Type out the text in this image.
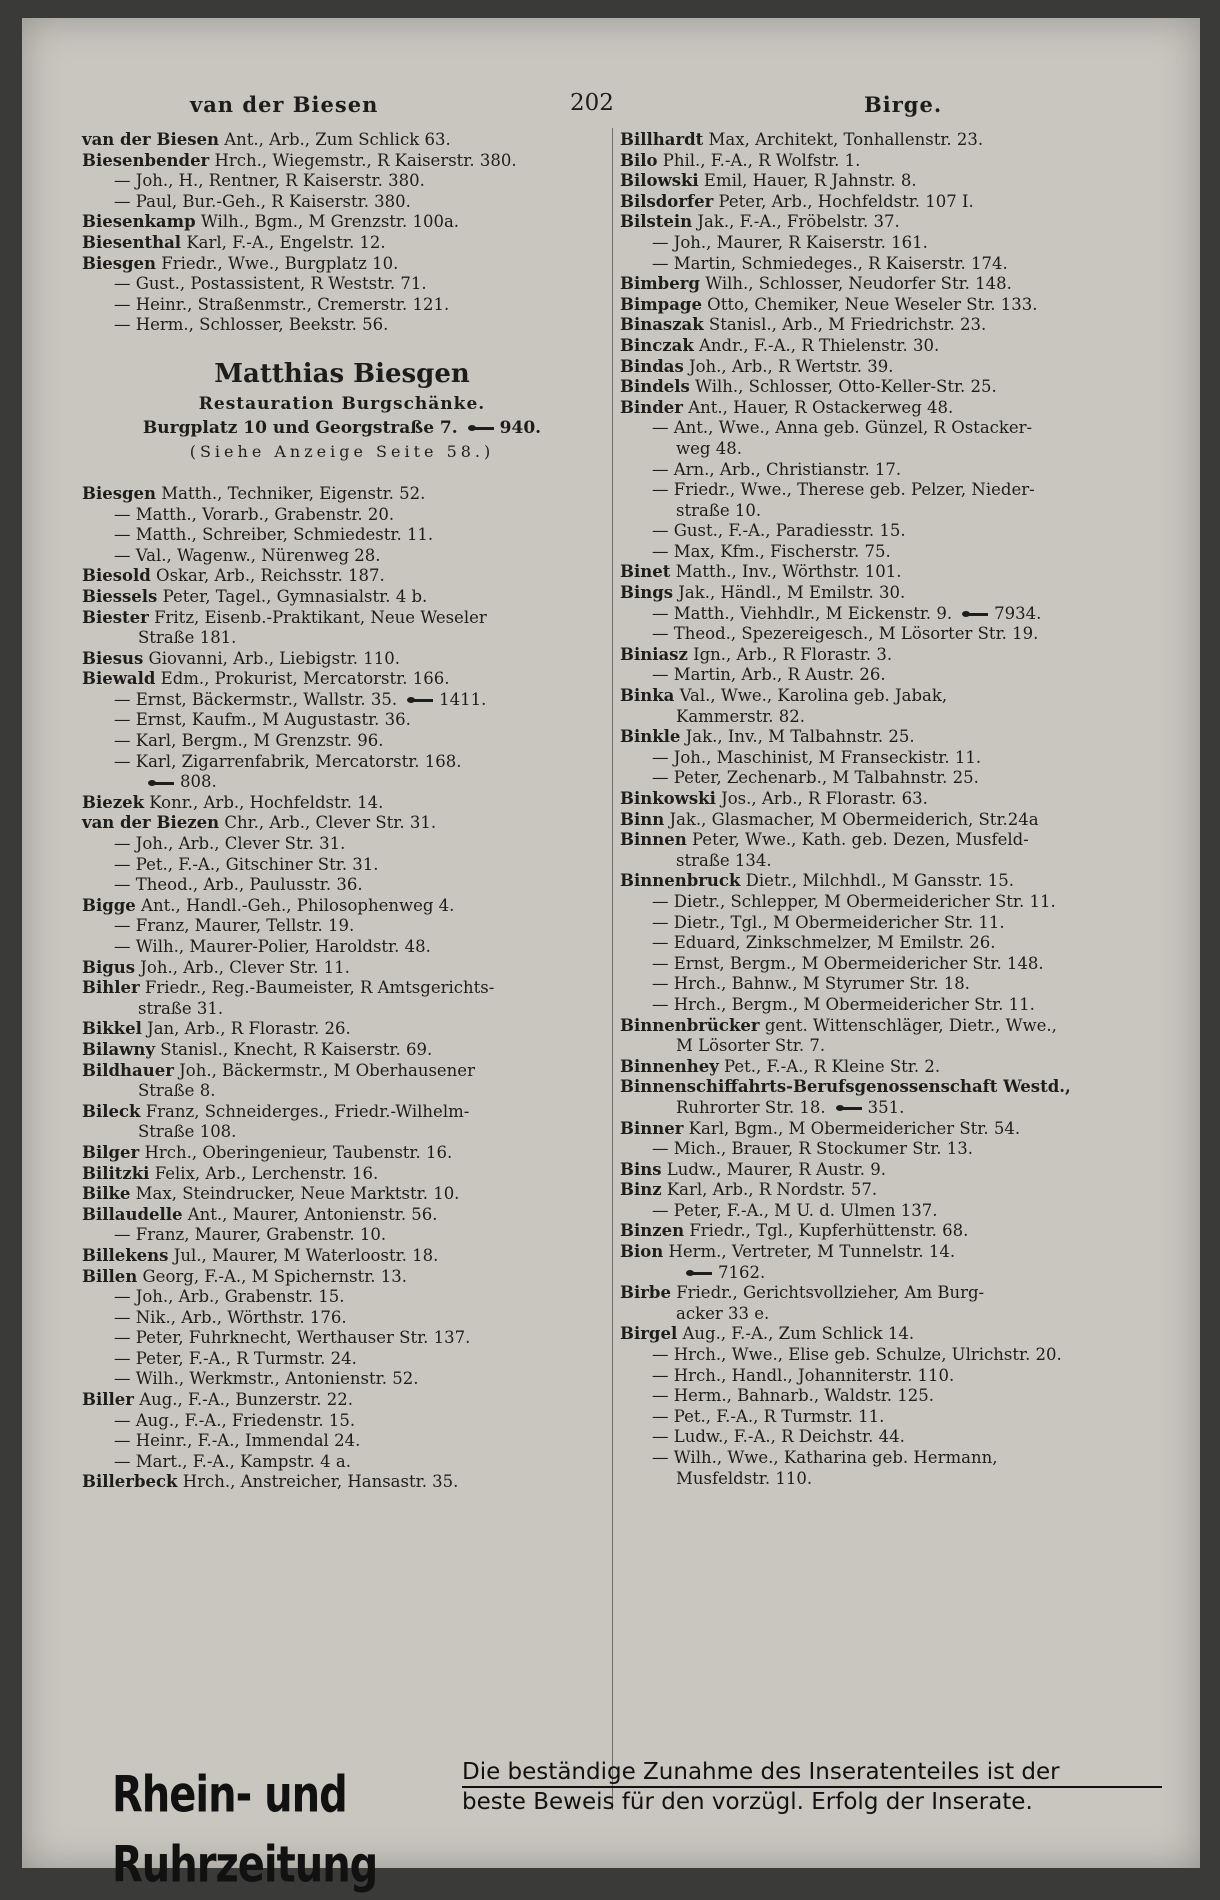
van der Biesen	202	Birge.
van der Biesen Ant., Arb., Zum Schlick 63.
Biesenbender Hrch., Wiegemstr., R Kaiserstr. 380.
— Joh., H., Rentner, R Kaiserstr. 380.
— Paul, Bur.-Geh., R Kaiserstr. 380.
Biesenkamp Wilh., Bgm., M Grenzstr. 100a.
Biesenthal Karl, F.-A., Engelstr. 12.
Biesgen Friedr., Wwe., Burgplatz 10.
— Gust., Postassistent, R Weststr. 71.
— Heinr., Straßenmstr., Cremerstr. 121.
— Herm., Schlosser, Beekstr. 56.
Matthias Biesgen
Restauration Burgschänke.
Burgplatz 10 und Georgstraße 7. 940.
(Siehe Anzeige Seite 58.)
Biesgen Matth., Techniker, Eigenstr. 52.
— Matth., Vorarb., Grabenstr. 20.
— Matth., Schreiber, Schmiedestr. 11.
— Val., Wagenw., Nürenweg 28.
Biesold Oskar, Arb., Reichsstr. 187.
Biessels Peter, Tagel., Gymnasialstr. 4 b.
Biester Fritz, Eisenb.-Praktikant, Neue Weseler
Straße 181.
Biesus Giovanni, Arb., Liebigstr. 110.
Biewald Edm., Prokurist, Mercatorstr. 166.
— Ernst, Bäckermstr., Wallstr. 35.	1411.
— Ernst, Kaufm., M Augustastr. 36.
— Karl, Bergm., M Grenzstr. 96.
— Karl, Zigarrenfabrik, Mercatorstr. 168.
808.
Biezek Konr., Arb., Hochfeldstr. 14.
van der Biezen Chr., Arb., Clever Str. 31.
— Joh., Arb., Clever Str. 31.
— Pet., F.-A., Gitschiner Str. 31.
— Theod., Arb., Paulusstr. 36.
Bigge Ant., Handl.-Geh., Philosophenweg 4.
— Franz, Maurer, Tellstr. 19.
— Wilh., Maurer-Polier, Haroldstr. 48.
Bigus Joh., Arb., Clever Str. 11.
Bihler Friedr., Reg.-Baumeister, R Amtsgerichts-
straße 31.
Bikkel Jan, Arb., R Florastr. 26.
Bilawny Stanisl., Knecht, R Kaiserstr. 69.
Bildhauer Joh., Bäckermstr., M Oberhausener
Straße 8.
Bileck Franz, Schneiderges., Friedr.-Wilhelm-
Straße 108.
Bilger Hrch., Oberingenieur, Taubenstr. 16.
Bilitzki Felix, Arb., Lerchenstr. 16.
Bilke Max, Steindrucker, Neue Marktstr. 10.
Billaudelle Ant., Maurer, Antonienstr. 56.
— Franz, Maurer, Grabenstr. 10.
Billekens Jul., Maurer, M Waterloostr. 18.
Billen Georg, F.-A., M Spichernstr. 13.
— Joh., Arb., Grabenstr. 15.
— Nik., Arb., Wörthstr. 176.
— Peter, Fuhrknecht, Werthauser Str. 137.
— Peter, F.-A., R Turmstr. 24.
— Wilh., Werkmstr., Antonienstr. 52.
Biller Aug., F.-A., Bunzerstr. 22.
— Aug., F.-A., Friedenstr. 15.
— Heinr., F.-A., Immendal 24.
— Mart., F.-A., Kampstr. 4 a.
Billerbeck Hrch., Anstreicher, Hansastr. 35.
Billhardt Max, Architekt, Tonhallenstr. 23.
Bilo Phil., F.-A., R Wolfstr. 1.
Bilowski Emil, Hauer, R Jahnstr. 8.
Bilsdorfer Peter, Arb., Hochfeldstr. 107 I.
Bilstein Jak., F.-A., Fröbelstr. 37.
— Joh., Maurer, R Kaiserstr. 161.
— Martin, Schmiedeges., R Kaiserstr. 174.
Bimberg Wilh., Schlosser, Neudorfer Str. 148.
Bimpage Otto, Chemiker, Neue Weseler Str. 133.
Binaszak Stanisl., Arb., M Friedrichstr. 23.
Binczak Andr., F.-A., R Thielenstr. 30.
Bindas Joh., Arb., R Wertstr. 39.
Bindels Wilh., Schlosser, Otto-Keller-Str. 25.
Binder Ant., Hauer, R Ostackerweg 48.
— Ant., Wwe., Anna geb. Günzel, R Ostacker-
weg 48.
— Arn., Arb., Christianstr. 17.
— Friedr., Wwe., Therese geb. Pelzer, Nieder-
straße 10.
— Gust., F.-A., Paradiesstr. 15.
— Max, Kfm., Fischerstr. 75.
Binet Matth., Inv., Wörthstr. 101.
Bings Jak., Händl., M Emilstr. 30.
— Matth., Viehhdlr., M Eickenstr. 9.	7934.
— Theod., Spezereigesch., M Lösorter Str. 19.
Biniasz Ign., Arb., R Florastr. 3.
— Martin, Arb., R Austr. 26.
Binka Val., Wwe., Karolina geb. Jabak,
Kammerstr. 82.
Binkle Jak., Inv., M Talbahnstr. 25.
— Joh., Maschinist, M Franseckistr. 11.
— Peter, Zechenarb., M Talbahnstr. 25.
Binkowski Jos., Arb., R Florastr. 63.
Binn Jak., Glasmacher, M Obermeiderich, Str.24a
Binnen Peter, Wwe., Kath. geb. Dezen, Musfeld-
straße 134.
Binnenbruck Dietr., Milchhdl., M Gansstr. 15.
— Dietr., Schlepper, M Obermeidericher Str. 11.
— Dietr., Tgl., M Obermeidericher Str. 11.
— Eduard, Zinkschmelzer, M Emilstr. 26.
— Ernst, Bergm., M Obermeidericher Str. 148.
— Hrch., Bahnw., M Styrumer Str. 18.
— Hrch., Bergm., M Obermeidericher Str. 11.
Binnenbrücker gent. Wittenschläger, Dietr., Wwe.,
M Lösorter Str. 7.
Binnenhey Pet., F.-A., R Kleine Str. 2.
Binnenschiffahrts-Berufsgenossenschaft Westd.,
Ruhrorter Str. 18.	351.
Binner Karl, Bgm., M Obermeidericher Str. 54.
— Mich., Brauer, R Stockumer Str. 13.
Bins Ludw., Maurer, R Austr. 9.
Binz Karl, Arb., R Nordstr. 57.
— Peter, F.-A., M U. d. Ulmen 137.
Binzen Friedr., Tgl., Kupferhüttenstr. 68.
Bion Herm., Vertreter, M Tunnelstr. 14.
7162.
Birbe Friedr., Gerichtsvollzieher, Am Burg-
acker 33 e.
Birgel Aug., F.-A., Zum Schlick 14.
— Hrch., Wwe., Elise geb. Schulze, Ulrichstr. 20.
— Hrch., Handl., Johanniterstr. 110.
— Herm., Bahnarb., Waldstr. 125.
— Pet., F.-A., R Turmstr. 11.
— Ludw., F.-A., R Deichstr. 44.
— Wilh., Wwe., Katharina geb. Hermann,
Musfeldstr. 110.
Rhein- und Ruhrzeitung
Die beständige Zunahme des Inseratenteiles ist der
beste Beweis für den vorzügl. Erfolg der Inserate.
